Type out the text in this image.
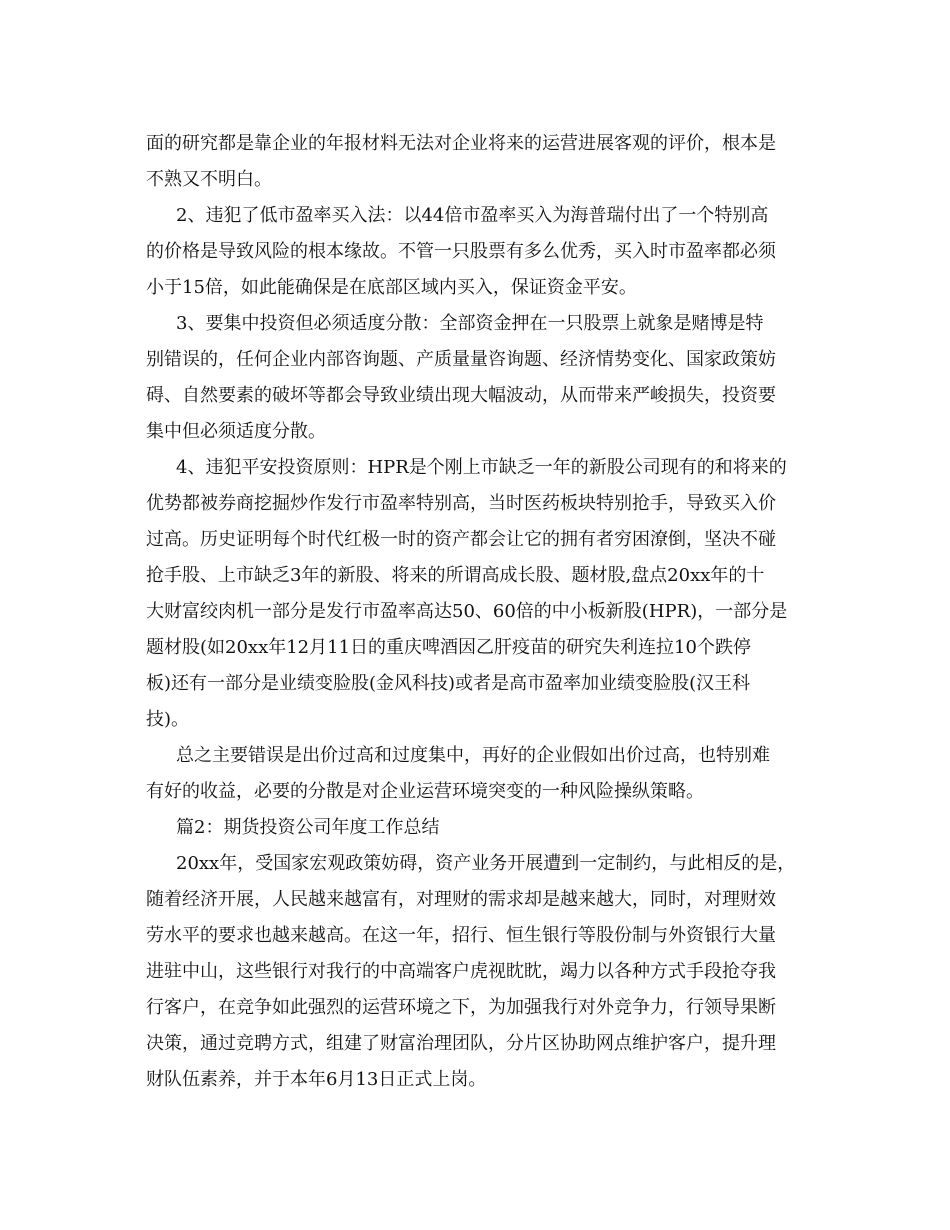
面的研究都是靠企业的年报材料无法对企业将来的运营进展客观的评价，根本是
不熟又不明白。
2、违犯了低市盈率买入法：以44倍市盈率买入为海普瑞付出了一个特别高
的价格是导致风险的根本缘故。不管一只股票有多么优秀，买入时市盈率都必须
小于15倍，如此能确保是在底部区域内买入，保证资金平安。
3、要集中投资但必须适度分散：全部资金押在一只股票上就象是赌博是特
别错误的，任何企业内部咨询题、产质量量咨询题、经济情势变化、国家政策妨
碍、自然要素的破坏等都会导致业绩出现大幅波动，从而带来严峻损失，投资要
集中但必须适度分散。
4、违犯平安投资原则：HPR是个刚上市缺乏一年的新股公司现有的和将来的
优势都被券商挖掘炒作发行市盈率特别高，当时医药板块特别抢手，导致买入价
过高。历史证明每个时代红极一时的资产都会让它的拥有者穷困潦倒，坚决不碰
抢手股、上市缺乏3年的新股、将来的所谓高成长股、题材股,盘点20xx年的十
大财富绞肉机一部分是发行市盈率高达50、60倍的中小板新股(HPR)，一部分是
题材股(如20xx年12月11日的重庆啤酒因乙肝疫苗的研究失利连拉10个跌停
板)还有一部分是业绩变脸股(金风科技)或者是高市盈率加业绩变脸股(汉王科
技)。
总之主要错误是出价过高和过度集中，再好的企业假如出价过高，也特别难
有好的收益，必要的分散是对企业运营环境突变的一种风险操纵策略。
篇2：期货投资公司年度工作总结
20xx年，受国家宏观政策妨碍，资产业务开展遭到一定制约，与此相反的是，
随着经济开展，人民越来越富有，对理财的需求却是越来越大，同时，对理财效
劳水平的要求也越来越高。在这一年，招行、恒生银行等股份制与外资银行大量
进驻中山，这些银行对我行的中高端客户虎视眈眈，竭力以各种方式手段抢夺我
行客户，在竞争如此强烈的运营环境之下，为加强我行对外竞争力，行领导果断
决策，通过竞聘方式，组建了财富治理团队，分片区协助网点维护客户，提升理
财队伍素养，并于本年6月13日正式上岗。
